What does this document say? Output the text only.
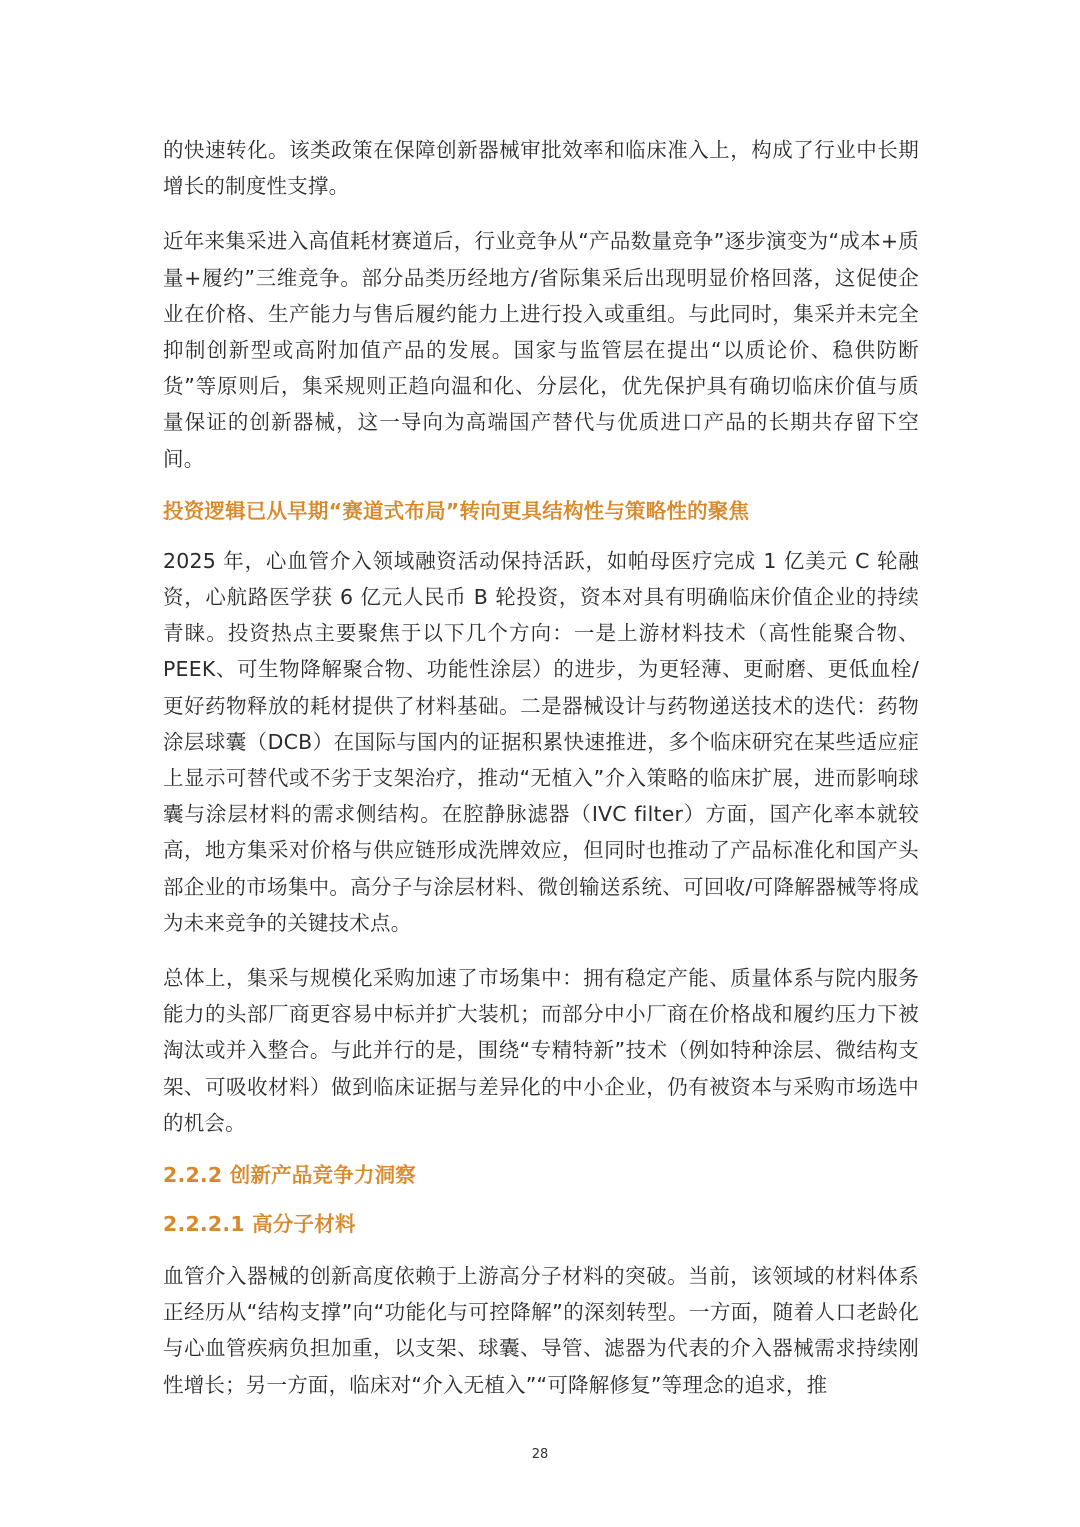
的快速转化。该类政策在保障创新器械审批效率和临床准入上，构成了行业中长期增长的制度性支撑。

近年来集采进入高值耗材赛道后，行业竞争从“产品数量竞争”逐步演变为“成本+质量+履约”三维竞争。部分品类历经地方/省际集采后出现明显价格回落，这促使企业在价格、生产能力与售后履约能力上进行投入或重组。与此同时，集采并未完全抑制创新型或高附加值产品的发展。国家与监管层在提出“以质论价、稳供防断货”等原则后，集采规则正趋向温和化、分层化，优先保护具有确切临床价值与质量保证的创新器械，这一导向为高端国产替代与优质进口产品的长期共存留下空间。

投资逻辑已从早期“赛道式布局”转向更具结构性与策略性的聚焦

2025 年，心血管介入领域融资活动保持活跃，如帕母医疗完成 1 亿美元 C 轮融资，心航路医学获 6 亿元人民币 B 轮投资，资本对具有明确临床价值企业的持续青睐。投资热点主要聚焦于以下几个方向：一是上游材料技术（高性能聚合物、PEEK、可生物降解聚合物、功能性涂层）的进步，为更轻薄、更耐磨、更低血栓/更好药物释放的耗材提供了材料基础。二是器械设计与药物递送技术的迭代：药物涂层球囊（DCB）在国际与国内的证据积累快速推进，多个临床研究在某些适应症上显示可替代或不劣于支架治疗，推动“无植入”介入策略的临床扩展，进而影响球囊与涂层材料的需求侧结构。在腔静脉滤器（IVC filter）方面，国产化率本就较高，地方集采对价格与供应链形成洗牌效应，但同时也推动了产品标准化和国产头部企业的市场集中。高分子与涂层材料、微创输送系统、可回收/可降解器械等将成为未来竞争的关键技术点。

总体上，集采与规模化采购加速了市场集中：拥有稳定产能、质量体系与院内服务能力的头部厂商更容易中标并扩大装机；而部分中小厂商在价格战和履约压力下被淘汰或并入整合。与此并行的是，围绕“专精特新”技术（例如特种涂层、微结构支架、可吸收材料）做到临床证据与差异化的中小企业，仍有被资本与采购市场选中的机会。

2.2.2 创新产品竞争力洞察
2.2.2.1 高分子材料

血管介入器械的创新高度依赖于上游高分子材料的突破。当前，该领域的材料体系正经历从“结构支撑”向“功能化与可控降解”的深刻转型。一方面，随着人口老龄化与心血管疾病负担加重，以支架、球囊、导管、滤器为代表的介入器械需求持续刚性增长；另一方面，临床对“介入无植入”“可降解修复”等理念的追求，推

28
